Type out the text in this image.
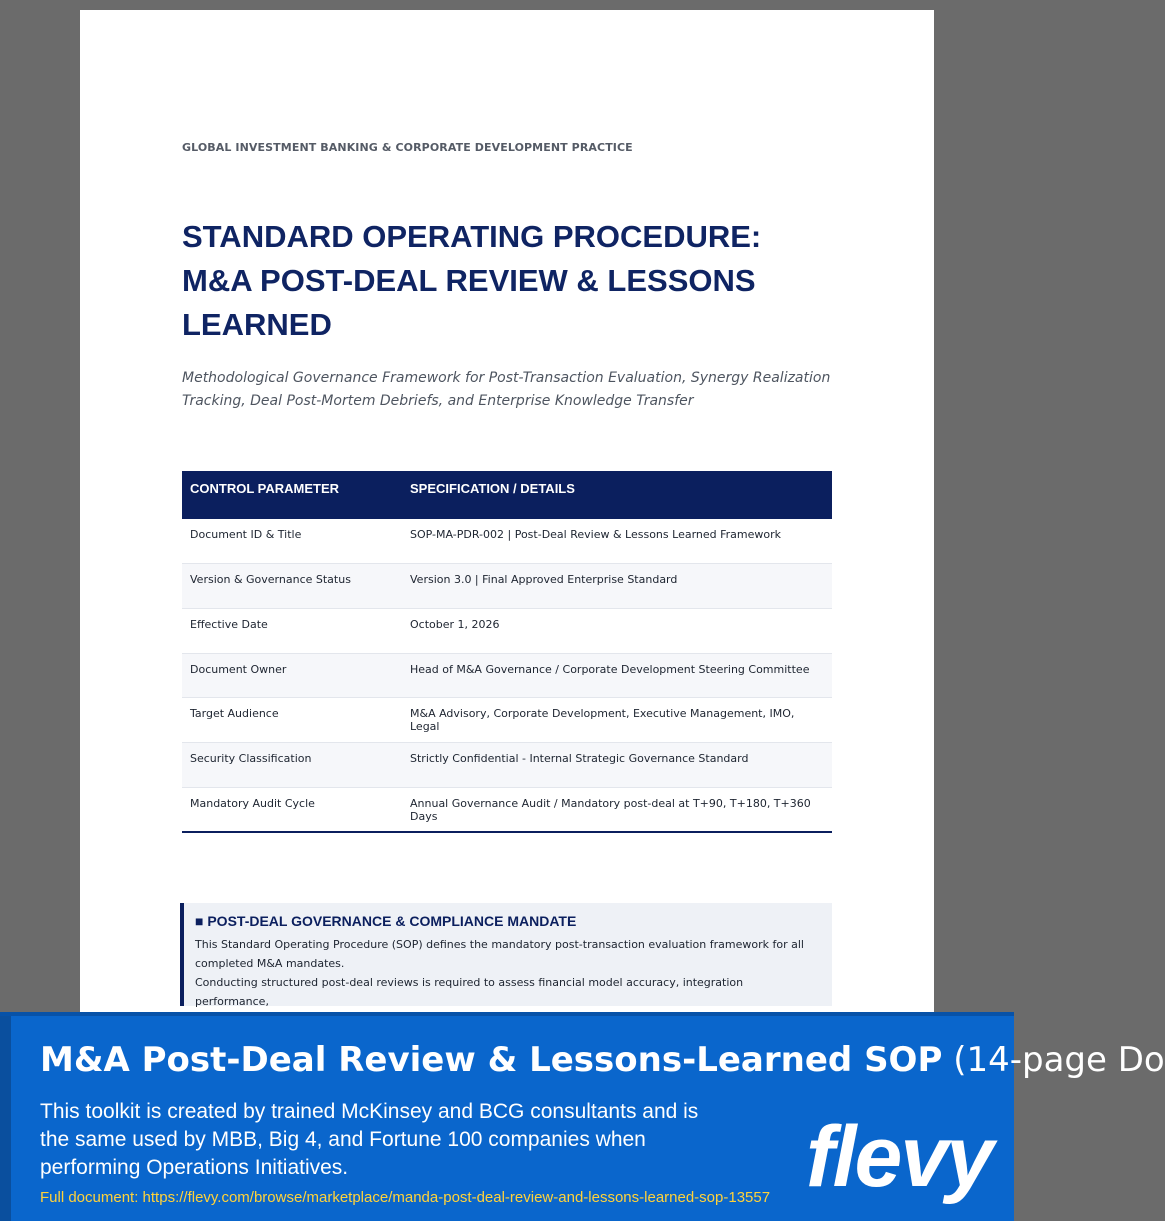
GLOBAL INVESTMENT BANKING & CORPORATE DEVELOPMENT PRACTICE
STANDARD OPERATING PROCEDURE:
M&A POST-DEAL REVIEW & LESSONS
LEARNED
Methodological Governance Framework for Post-Transaction Evaluation, Synergy Realization Tracking, Deal Post-Mortem Debriefs, and Enterprise Knowledge Transfer
CONTROL PARAMETER	SPECIFICATION / DETAILS
Document ID & Title	SOP-MA-PDR-002 | Post-Deal Review & Lessons Learned Framework
Version & Governance Status	Version 3.0 | Final Approved Enterprise Standard
Effective Date	October 1, 2026
Document Owner	Head of M&A Governance / Corporate Development Steering Committee
Target Audience	M&A Advisory, Corporate Development, Executive Management, IMO, Legal
Security Classification	Strictly Confidential - Internal Strategic Governance Standard
Mandatory Audit Cycle	Annual Governance Audit / Mandatory post-deal at T+90, T+180, T+360 Days
■ POST-DEAL GOVERNANCE & COMPLIANCE MANDATE

This Standard Operating Procedure (SOP) defines the mandatory post-transaction evaluation framework for all completed M&A mandates.

Conducting structured post-deal reviews is required to assess financial model accuracy, integration performance,

M&A Post-Deal Review & Lessons-Learned SOP (14-page Do
This toolkit is created by trained McKinsey and BCG consultants and is the same used by MBB, Big 4, and Fortune 100 companies when performing Operations Initiatives.
Full document: https://flevy.com/browse/marketplace/manda-post-deal-review-and-lessons-learned-sop-13557 flevy
